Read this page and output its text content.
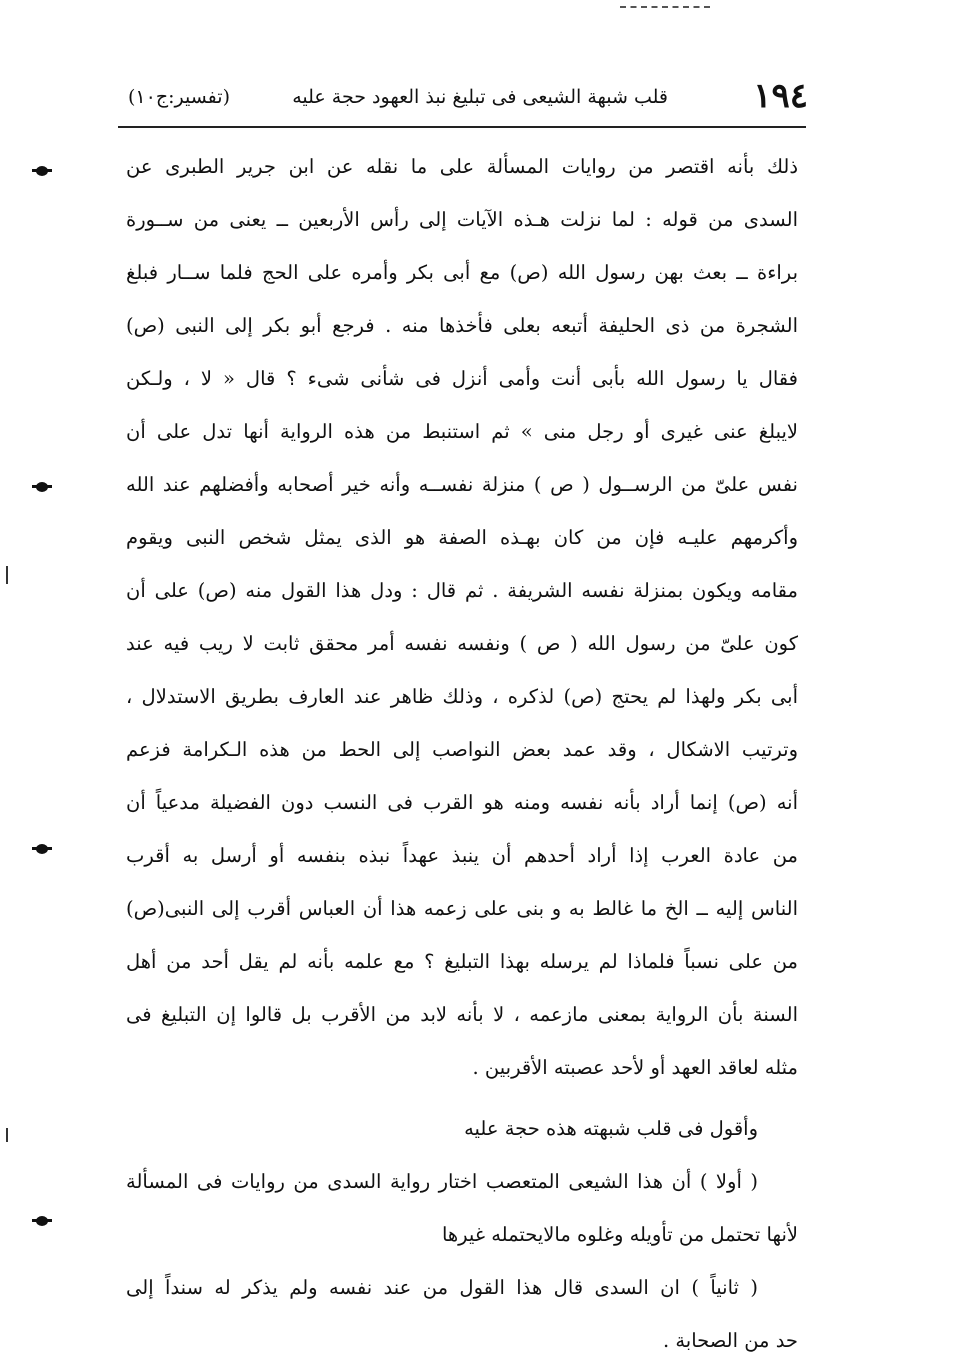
١٩٤
قلب شبهة الشيعى فى تبليغ نبذ العهود حجة عليه
(تفسير:ج١٠)
ذلك بأنه اقتصر من روايات المسألة على ما نقله عن ابن جرير الطبرى عن
السدى من قوله : لما نزلت هـذه الآيات إلى رأس الأربعين ــ يعنى من ســورة
براءة ــ بعث بهن رسول الله (ص) مع أبى بكر وأمره على الحج فلما ســار فبلغ
الشجرة من ذى الحليفة أتبعه بعلى فأخذها منه . فرجع أبو بكر إلى النبى (ص)
فقال يا رسول الله بأبى أنت وأمى أنزل فى شأنى شىء ؟ قال « لا ، ولـكن
لايبلغ عنى غيرى أو رجل منى » ثم استنبط من هذه الرواية أنها تدل على أن
نفس علىّ من الرســول ( ص ) منزلة نفســه وأنه خير أصحابه وأفضلهم عند الله
وأكرمهم عليـه فإن من كان بهـذه الصفة هو الذى يمثل شخص النبى ويقوم
مقامه ويكون بمنزلة نفسه الشريفة . ثم قال : ودل هذا القول منه (ص) على أن
كون علىّ من رسول الله ( ص ) ونفسه نفسه أمر محقق ثابت لا ريب فيه عند
أبى بكر ولهذا لم يحتج (ص) لذكره ، وذلك ظاهر عند العارف بطريق الاستدلال ،
وترتيب الاشكال ، وقد عمد بعض النواصب إلى الحط من هذه الـكرامة فزعم
أنه (ص) إنما أراد بأنه نفسه ومنه هو القرب فى النسب دون الفضيلة مدعياً أن
من عادة العرب إذا أراد أحدهم أن ينبذ عهداً نبذه بنفسه أو أرسل به أقرب
الناس إليه ــ الخ ما غالط به و بنى على زعمه هذا أن العباس أقرب إلى النبى(ص)
من على نسباً فلماذا لم يرسله بهذا التبليغ ؟ مع علمه بأنه لم يقل أحد من أهل
السنة بأن الرواية بمعنى مازعمه ، لا بأنه لابد من الأقرب بل قالوا إن التبليغ فى
مثله لعاقد العهد أو لأحد عصبته الأقربين .
وأقول فى قلب شبهته هذه حجة عليه
( أولا ) أن هذا الشيعى المتعصب اختار رواية السدى من روايات فى المسألة
لأنها تحتمل من تأويله وغلوه مالايحتمله غيرها
( ثانياً ) ان السدى قال هذا القول من عند نفسه ولم يذكر له سنداً إلى
حد من الصحابة .
